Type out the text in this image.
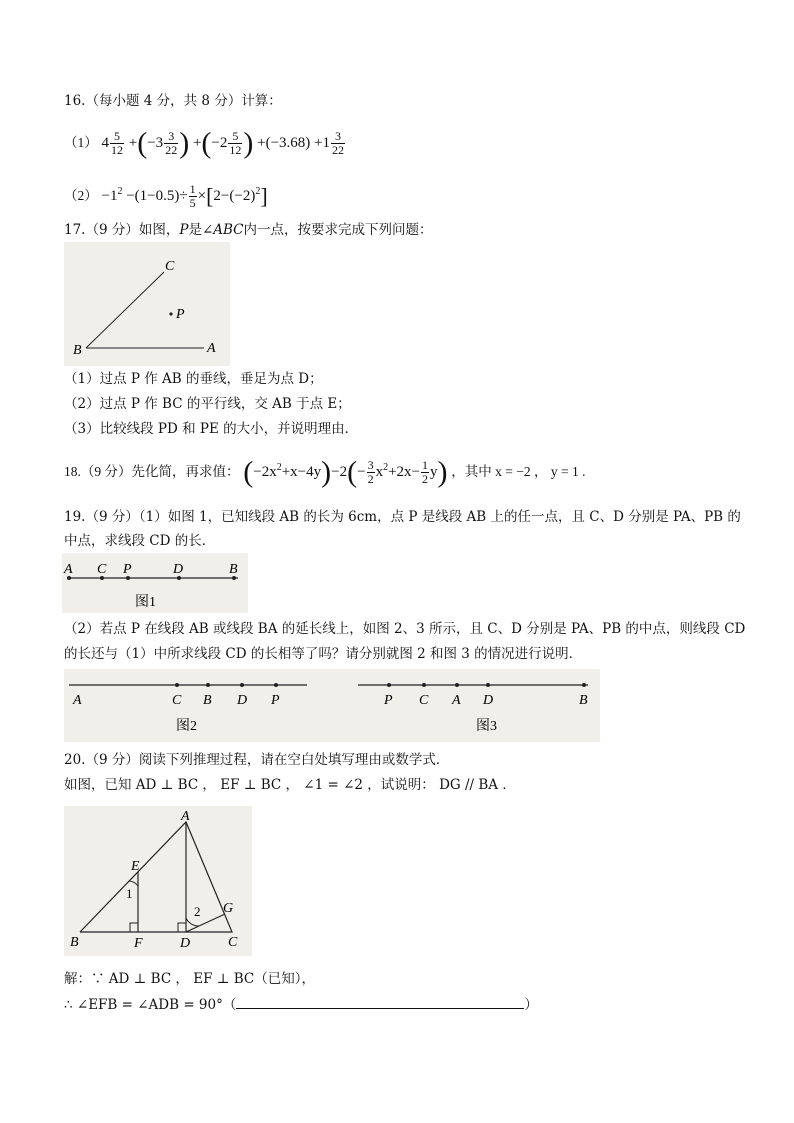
16.（每小题 4 分，共 8 分）计算：
（1） $4 \frac{5}{12} +(-3 \frac{3}{22}$ ) $+(-2 \frac{5}{12}$ ) $+(-3.68) +1 \frac{3}{22}$
$(2) -1^2 -(1-0.5)\div \frac{1}{5} \times[2-(-2)^2]$
17.（9 分）如图，P是∠ABC内一点，按要求完成下列问题：
C
P
B	A
（1）过点 P 作 AB 的垂线，垂足为点 D；
（2）过点 P 作 BC 的平行线，交 AB 于点 E；
（3）比较线段 PD 和 PE 的大小，并说明理由．
18.（9 分）先化简，再求值： $(-2x^2+x-4y)-2(- \frac{3}{2} x^2+2x- \frac{1}{2} y)$ ，其中 x = −2 ， y = 1 .
19.（9 分）（1）如图 1，已知线段 AB 的长为 6cm，点 P 是线段 AB 上的任一点，且 C、D 分别是 PA、PB 的
中点，求线段 CD 的长．
A C P	D	B
图1
（2）若点 P 在线段 AB 或线段 BA 的延长线上，如图 2、3 所示，且 C、D 分别是 PA、PB 的中点，则线段 CD
的长还与（1）中所求线段 CD 的长相等了吗？请分别就图 2 和图 3 的情况进行说明．
A	C B D P
图2
P C A D	B
图3
20.（9 分）阅读下列推理过程，请在空白处填写理由或数学式．
如图，已知 AD ⊥ BC ， EF ⊥ BC ， ∠1 = ∠2 ，试说明： DG // BA ．
A
E
1
2 G
B	F	D	C
解：∵ AD ⊥ BC ， EF ⊥ BC（已知），
∴ ∠EFB = ∠ADB = 90°（	）
